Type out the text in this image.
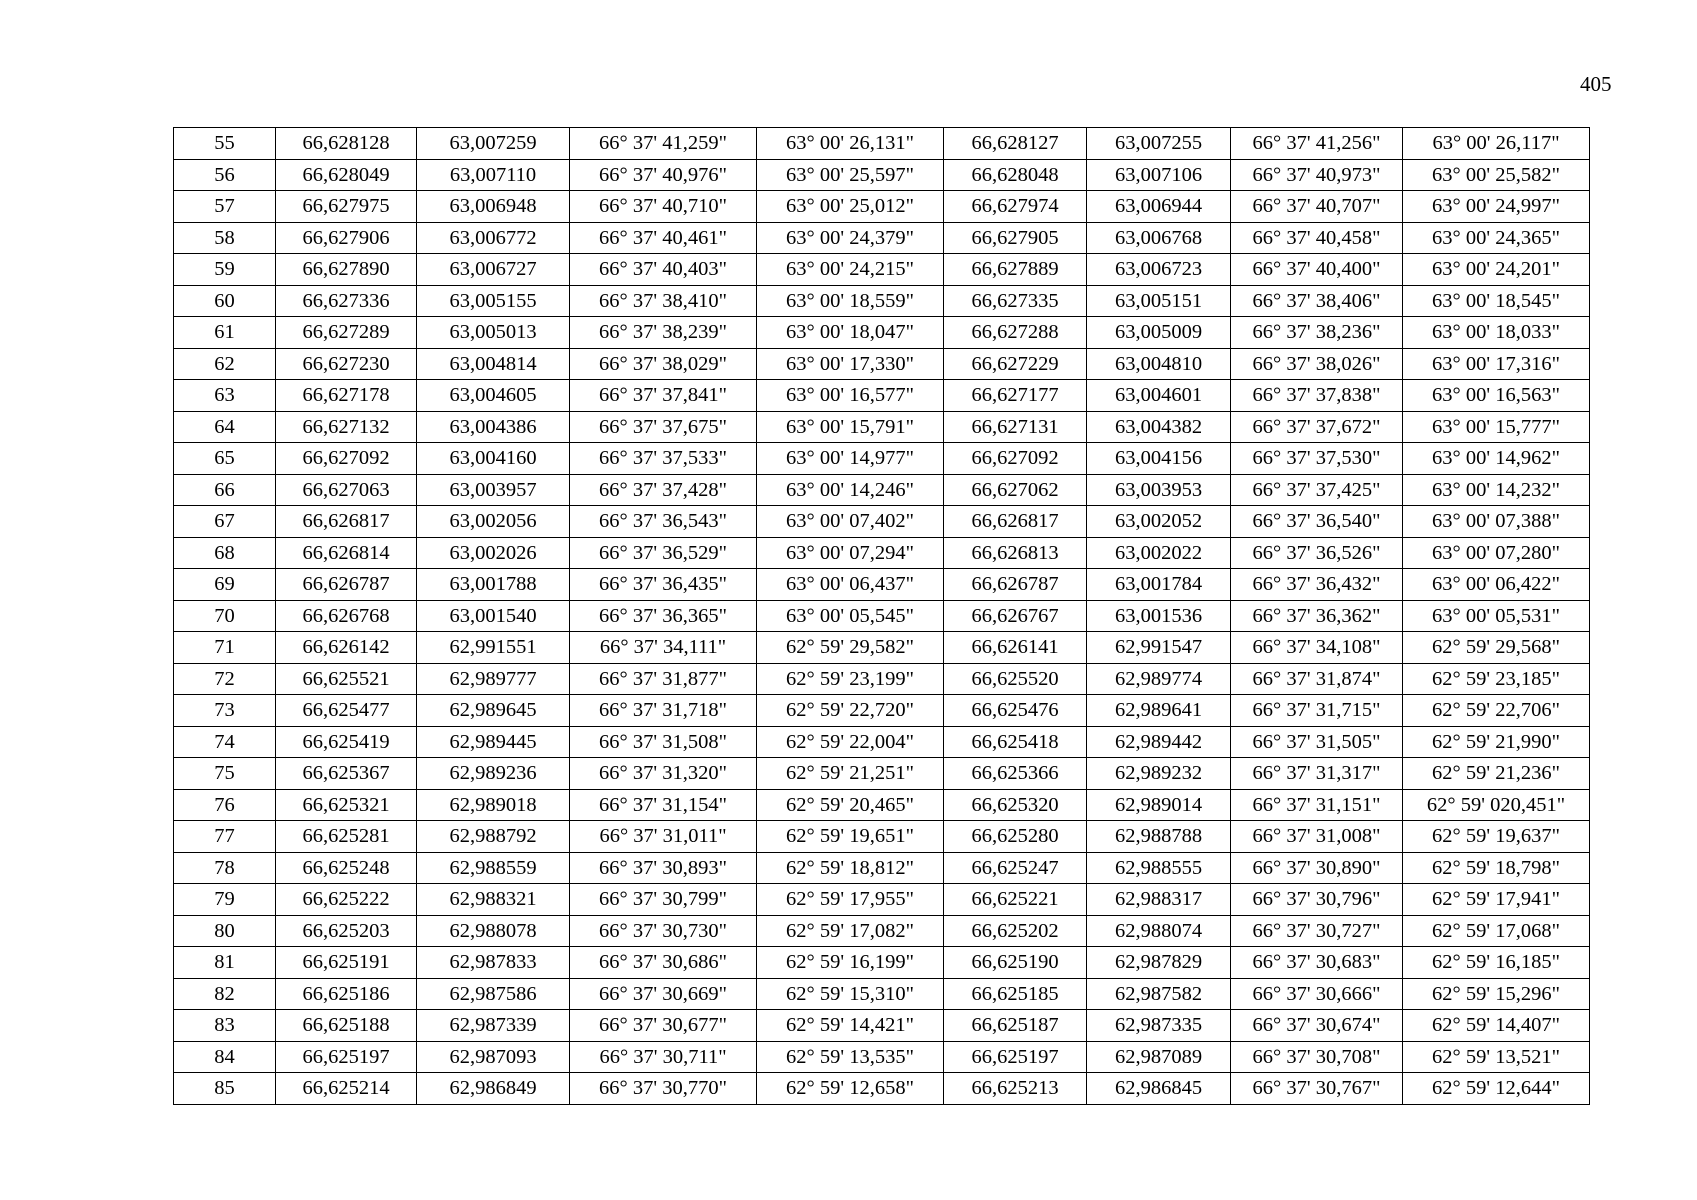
405
55	66,628128	63,007259	66° 37' 41,259"	63° 00' 26,131"	66,628127	63,007255	66° 37' 41,256"	63° 00' 26,117"
56	66,628049	63,007110	66° 37' 40,976"	63° 00' 25,597"	66,628048	63,007106	66° 37' 40,973"	63° 00' 25,582"
57	66,627975	63,006948	66° 37' 40,710"	63° 00' 25,012"	66,627974	63,006944	66° 37' 40,707"	63° 00' 24,997"
58	66,627906	63,006772	66° 37' 40,461"	63° 00' 24,379"	66,627905	63,006768	66° 37' 40,458"	63° 00' 24,365"
59	66,627890	63,006727	66° 37' 40,403"	63° 00' 24,215"	66,627889	63,006723	66° 37' 40,400"	63° 00' 24,201"
60	66,627336	63,005155	66° 37' 38,410"	63° 00' 18,559"	66,627335	63,005151	66° 37' 38,406"	63° 00' 18,545"
61	66,627289	63,005013	66° 37' 38,239"	63° 00' 18,047"	66,627288	63,005009	66° 37' 38,236"	63° 00' 18,033"
62	66,627230	63,004814	66° 37' 38,029"	63° 00' 17,330"	66,627229	63,004810	66° 37' 38,026"	63° 00' 17,316"
63	66,627178	63,004605	66° 37' 37,841"	63° 00' 16,577"	66,627177	63,004601	66° 37' 37,838"	63° 00' 16,563"
64	66,627132	63,004386	66° 37' 37,675"	63° 00' 15,791"	66,627131	63,004382	66° 37' 37,672"	63° 00' 15,777"
65	66,627092	63,004160	66° 37' 37,533"	63° 00' 14,977"	66,627092	63,004156	66° 37' 37,530"	63° 00' 14,962"
66	66,627063	63,003957	66° 37' 37,428"	63° 00' 14,246"	66,627062	63,003953	66° 37' 37,425"	63° 00' 14,232"
67	66,626817	63,002056	66° 37' 36,543"	63° 00' 07,402"	66,626817	63,002052	66° 37' 36,540"	63° 00' 07,388"
68	66,626814	63,002026	66° 37' 36,529"	63° 00' 07,294"	66,626813	63,002022	66° 37' 36,526"	63° 00' 07,280"
69	66,626787	63,001788	66° 37' 36,435"	63° 00' 06,437"	66,626787	63,001784	66° 37' 36,432"	63° 00' 06,422"
70	66,626768	63,001540	66° 37' 36,365"	63° 00' 05,545"	66,626767	63,001536	66° 37' 36,362"	63° 00' 05,531"
71	66,626142	62,991551	66° 37' 34,111"	62° 59' 29,582"	66,626141	62,991547	66° 37' 34,108"	62° 59' 29,568"
72	66,625521	62,989777	66° 37' 31,877"	62° 59' 23,199"	66,625520	62,989774	66° 37' 31,874"	62° 59' 23,185"
73	66,625477	62,989645	66° 37' 31,718"	62° 59' 22,720"	66,625476	62,989641	66° 37' 31,715"	62° 59' 22,706"
74	66,625419	62,989445	66° 37' 31,508"	62° 59' 22,004"	66,625418	62,989442	66° 37' 31,505"	62° 59' 21,990"
75	66,625367	62,989236	66° 37' 31,320"	62° 59' 21,251"	66,625366	62,989232	66° 37' 31,317"	62° 59' 21,236"
76	66,625321	62,989018	66° 37' 31,154"	62° 59' 20,465"	66,625320	62,989014	66° 37' 31,151"	62° 59' 020,451"
77	66,625281	62,988792	66° 37' 31,011"	62° 59' 19,651"	66,625280	62,988788	66° 37' 31,008"	62° 59' 19,637"
78	66,625248	62,988559	66° 37' 30,893"	62° 59' 18,812"	66,625247	62,988555	66° 37' 30,890"	62° 59' 18,798"
79	66,625222	62,988321	66° 37' 30,799"	62° 59' 17,955"	66,625221	62,988317	66° 37' 30,796"	62° 59' 17,941"
80	66,625203	62,988078	66° 37' 30,730"	62° 59' 17,082"	66,625202	62,988074	66° 37' 30,727"	62° 59' 17,068"
81	66,625191	62,987833	66° 37' 30,686"	62° 59' 16,199"	66,625190	62,987829	66° 37' 30,683"	62° 59' 16,185"
82	66,625186	62,987586	66° 37' 30,669"	62° 59' 15,310"	66,625185	62,987582	66° 37' 30,666"	62° 59' 15,296"
83	66,625188	62,987339	66° 37' 30,677"	62° 59' 14,421"	66,625187	62,987335	66° 37' 30,674"	62° 59' 14,407"
84	66,625197	62,987093	66° 37' 30,711"	62° 59' 13,535"	66,625197	62,987089	66° 37' 30,708"	62° 59' 13,521"
85	66,625214	62,986849	66° 37' 30,770"	62° 59' 12,658"	66,625213	62,986845	66° 37' 30,767"	62° 59' 12,644"
